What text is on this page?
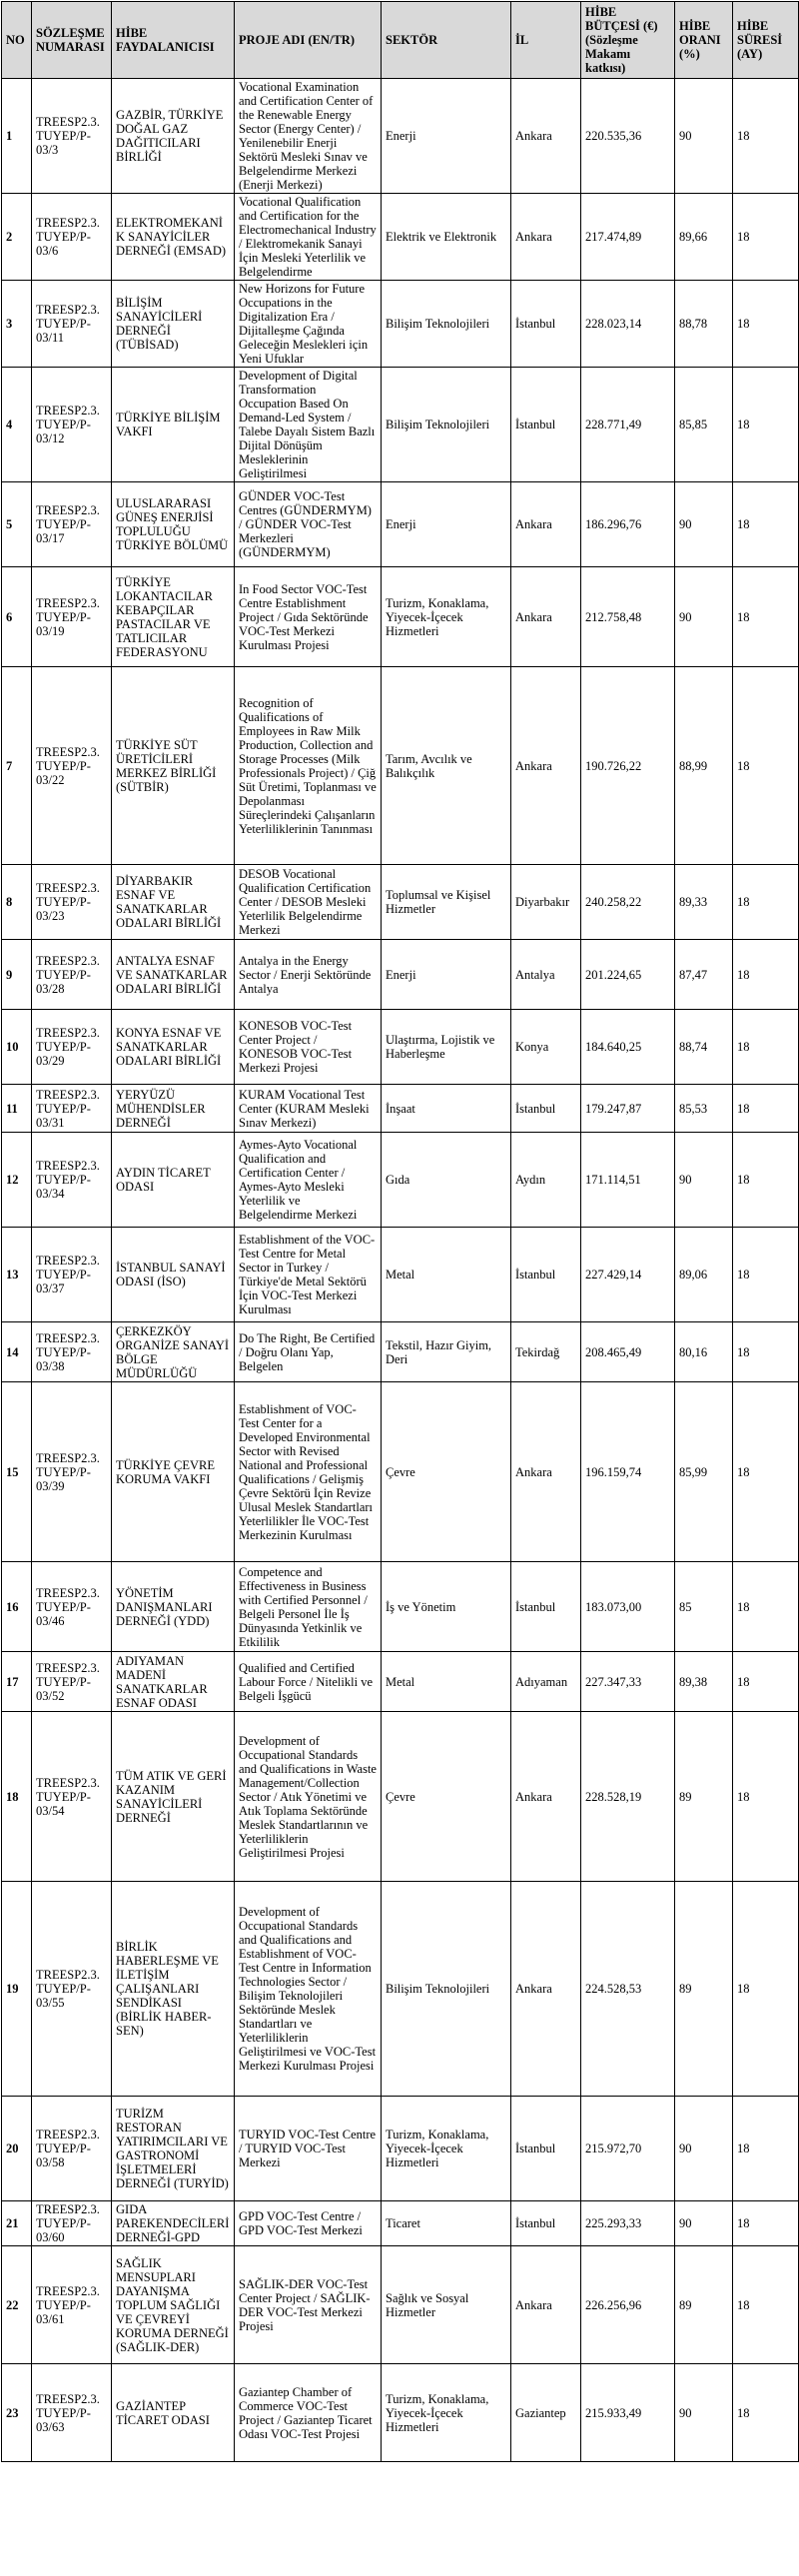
NO	SÖZLEŞME NUMARASI	HİBE FAYDALANICISI	PROJE ADI (EN/TR)	SEKTÖR	İL	HİBE BÜTÇESİ (€) (Sözleşme Makamı katkısı)	HİBE ORANI (%)	HİBE SÜRESİ (AY)
1	TREESP2.3. TUYEP/P-03/3	GAZBİR, TÜRKİYE DOĞAL GAZ DAĞITICILARI BİRLİĞİ	Vocational Examination and Certification Center of the Renewable Energy Sector (Energy Center) / Yenilenebilir Enerji Sektörü Mesleki Sınav ve Belgelendirme Merkezi (Enerji Merkezi)	Enerji	Ankara	220.535,36	90	18
2	TREESP2.3. TUYEP/P-03/6	ELEKTROMEKANİK SANAYİCİLER DERNEĞİ (EMSAD)	Vocational Qualification and Certification for the Electromechanical Industry / Elektromekanik Sanayi İçin Mesleki Yeterlilik ve Belgelendirme	Elektrik ve Elektronik	Ankara	217.474,89	89,66	18
3	TREESP2.3. TUYEP/P-03/11	BİLİŞİM SANAYİCİLERİ DERNEĞİ (TÜBİSAD)	New Horizons for Future Occupations in the Digitalization Era / Dijitalleşme Çağında Geleceğin Meslekleri için Yeni Ufuklar	Bilişim Teknolojileri	İstanbul	228.023,14	88,78	18
4	TREESP2.3. TUYEP/P-03/12	TÜRKİYE BİLİŞİM VAKFI	Development of Digital Transformation Occupation Based On Demand-Led System / Talebe Dayalı Sistem Bazlı Dijital Dönüşüm Mesleklerinin Geliştirilmesi	Bilişim Teknolojileri	İstanbul	228.771,49	85,85	18
5	TREESP2.3. TUYEP/P-03/17	ULUSLARARASI GÜNEŞ ENERJİSİ TOPLULUĞU TÜRKİYE BÖLÜMÜ	GÜNDER VOC-Test Centres (GÜNDERMYM) / GÜNDER VOC-Test Merkezleri (GÜNDERMYM)	Enerji	Ankara	186.296,76	90	18
6	TREESP2.3. TUYEP/P-03/19	TÜRKİYE LOKANTACILAR KEBAPÇILAR PASTACILAR VE TATLICILAR FEDERASYONU	In Food Sector VOC-Test Centre Establishment Project / Gıda Sektöründe VOC-Test Merkezi Kurulması Projesi	Turizm, Konaklama, Yiyecek-İçecek Hizmetleri	Ankara	212.758,48	90	18
7	TREESP2.3. TUYEP/P-03/22	TÜRKİYE SÜT ÜRETİCİLERİ MERKEZ BİRLİĞİ (SÜTBİR)	Recognition of Qualifications of Employees in Raw Milk Production, Collection and Storage Processes (Milk Professionals Project) / Çiğ Süt Üretimi, Toplanması ve Depolanması Süreçlerindeki Çalışanların Yeterliliklerinin Tanınması	Tarım, Avcılık ve Balıkçılık	Ankara	190.726,22	88,99	18
8	TREESP2.3. TUYEP/P-03/23	DİYARBAKIR ESNAF VE SANATKARLAR ODALARI BİRLİĞİ	DESOB Vocational Qualification Certification Center / DESOB Mesleki Yeterlilik Belgelendirme Merkezi	Toplumsal ve Kişisel Hizmetler	Diyarbakır	240.258,22	89,33	18
9	TREESP2.3. TUYEP/P-03/28	ANTALYA ESNAF VE SANATKARLAR ODALARI BİRLİĞİ	Antalya in the Energy Sector / Enerji Sektöründe Antalya	Enerji	Antalya	201.224,65	87,47	18
10	TREESP2.3. TUYEP/P-03/29	KONYA ESNAF VE SANATKARLAR ODALARI BİRLİĞİ	KONESOB VOC-Test Center Project / KONESOB VOC-Test Merkezi Projesi	Ulaştırma, Lojistik ve Haberleşme	Konya	184.640,25	88,74	18
11	TREESP2.3. TUYEP/P-03/31	YERYÜZÜ MÜHENDİSLER DERNEĞİ	KURAM Vocational Test Center (KURAM Mesleki Sınav Merkezi)	İnşaat	İstanbul	179.247,87	85,53	18
12	TREESP2.3. TUYEP/P-03/34	AYDIN TİCARET ODASI	Aymes-Ayto Vocational Qualification and Certification Center / Aymes-Ayto Mesleki Yeterlilik ve Belgelendirme Merkezi	Gıda	Aydın	171.114,51	90	18
13	TREESP2.3. TUYEP/P-03/37	İSTANBUL SANAYİ ODASI (İSO)	Establishment of the VOC-Test Centre for Metal Sector in Turkey / Türkiye'de Metal Sektörü İçin VOC-Test Merkezi Kurulması	Metal	İstanbul	227.429,14	89,06	18
14	TREESP2.3. TUYEP/P-03/38	ÇERKEZKÖY ORGANİZE SANAYİ BÖLGE MÜDÜRLÜĞÜ	Do The Right, Be Certified / Doğru Olanı Yap, Belgelen	Tekstil, Hazır Giyim, Deri	Tekirdağ	208.465,49	80,16	18
15	TREESP2.3. TUYEP/P-03/39	TÜRKİYE ÇEVRE KORUMA VAKFI	Establishment of VOC-Test Center for a Developed Environmental Sector with Revised National and Professional Qualifications / Gelişmiş Çevre Sektörü İçin Revize Ulusal Meslek Standartları Yeterlilikler İle VOC-Test Merkezinin Kurulması	Çevre	Ankara	196.159,74	85,99	18
16	TREESP2.3. TUYEP/P-03/46	YÖNETİM DANIŞMANLARI DERNEĞİ (YDD)	Competence and Effectiveness in Business with Certified Personnel / Belgeli Personel İle İş Dünyasında Yetkinlik ve Etkililik	İş ve Yönetim	İstanbul	183.073,00	85	18
17	TREESP2.3. TUYEP/P-03/52	ADIYAMAN MADENİ SANATKARLAR ESNAF ODASI	Qualified and Certified Labour Force / Nitelikli ve Belgeli İşgücü	Metal	Adıyaman	227.347,33	89,38	18
18	TREESP2.3. TUYEP/P-03/54	TÜM ATIK VE GERİ KAZANIM SANAYİCİLERİ DERNEĞİ	Development of Occupational Standards and Qualifications in Waste Management/Collection Sector / Atık Yönetimi ve Atık Toplama Sektöründe Meslek Standartlarının ve Yeterliliklerin Geliştirilmesi Projesi	Çevre	Ankara	228.528,19	89	18
19	TREESP2.3. TUYEP/P-03/55	BİRLİK HABERLEŞME VE İLETİŞİM ÇALIŞANLARI SENDİKASI (BİRLİK HABER-SEN)	Development of Occupational Standards and Qualifications and Establishment of VOC-Test Centre in Information Technologies Sector / Bilişim Teknolojileri Sektöründe Meslek Standartları ve Yeterliliklerin Geliştirilmesi ve VOC-Test Merkezi Kurulması Projesi	Bilişim Teknolojileri	Ankara	224.528,53	89	18
20	TREESP2.3. TUYEP/P-03/58	TURİZM RESTORAN YATIRIMCILARI VE GASTRONOMİ İŞLETMELERİ DERNEĞİ (TURYİD)	TURYID VOC-Test Centre / TURYID VOC-Test Merkezi	Turizm, Konaklama, Yiyecek-İçecek Hizmetleri	İstanbul	215.972,70	90	18
21	TREESP2.3. TUYEP/P-03/60	GIDA PAREKENDECİLERİ DERNEĞİ-GPD	GPD VOC-Test Centre / GPD VOC-Test Merkezi	Ticaret	İstanbul	225.293,33	90	18
22	TREESP2.3. TUYEP/P-03/61	SAĞLIK MENSUPLARI DAYANIŞMA TOPLUM SAĞLIĞI VE ÇEVREYİ KORUMA DERNEĞİ (SAĞLIK-DER)	SAĞLIK-DER VOC-Test Center Project / SAĞLIK-DER VOC-Test Merkezi Projesi	Sağlık ve Sosyal Hizmetler	Ankara	226.256,96	89	18
23	TREESP2.3. TUYEP/P-03/63	GAZİANTEP TİCARET ODASI	Gaziantep Chamber of Commerce VOC-Test Project / Gaziantep Ticaret Odası VOC-Test Projesi	Turizm, Konaklama, Yiyecek-İçecek Hizmetleri	Gaziantep	215.933,49	90	18
